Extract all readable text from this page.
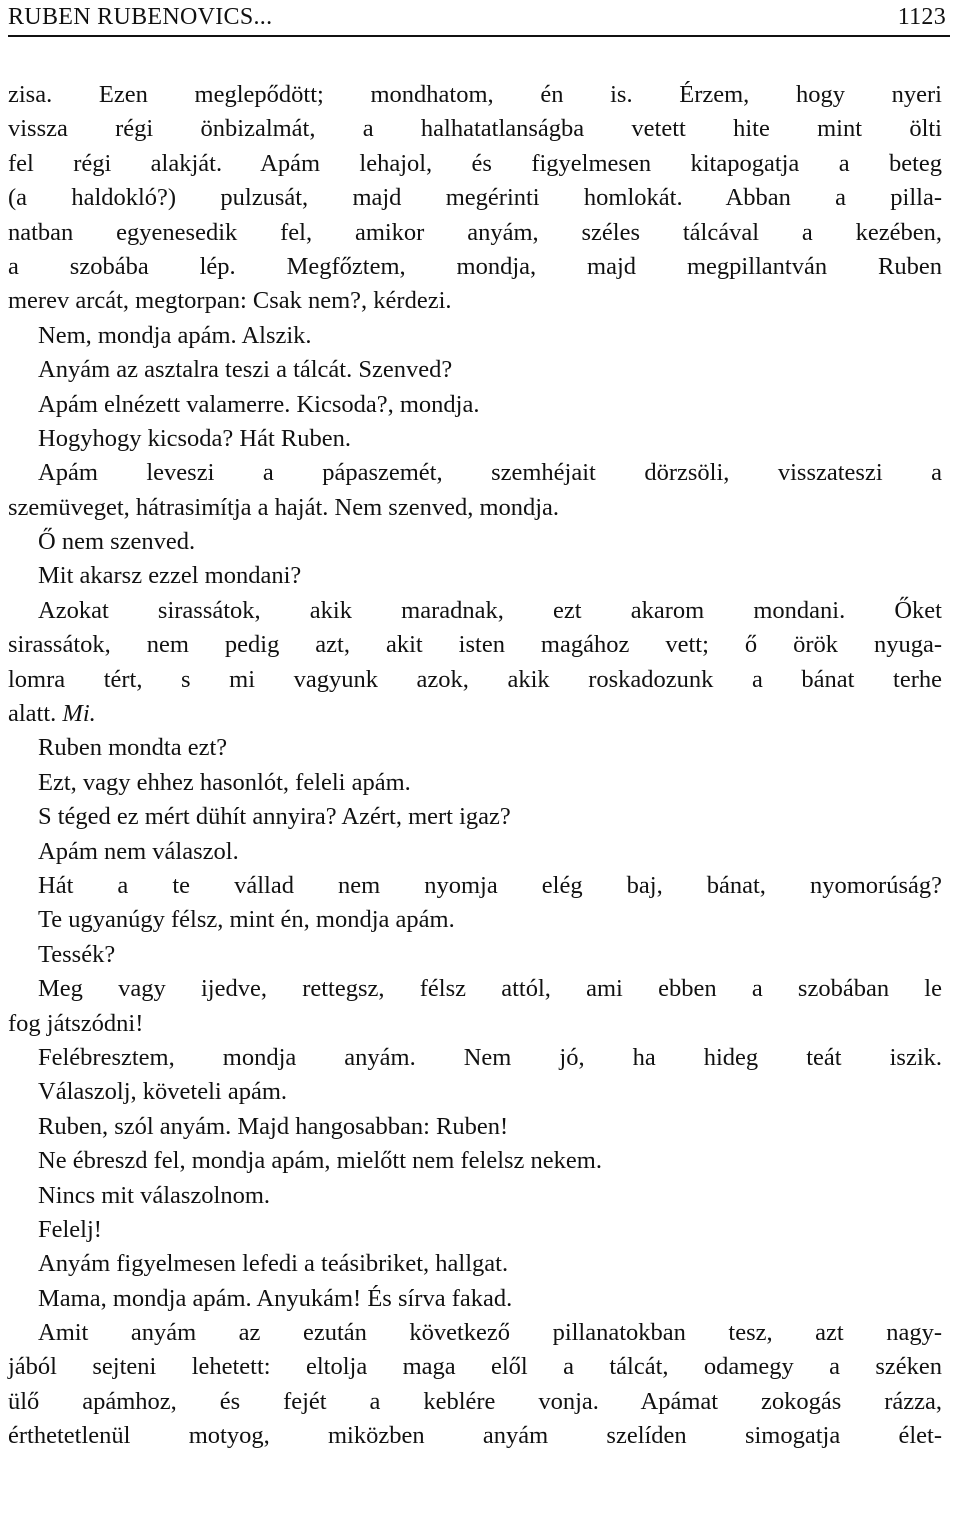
RUBEN RUBENOVICS...	1123
zisa. Ezen meglepődött; mondhatom, én is. Érzem, hogy nyeri
vissza régi önbizalmát, a halhatatlanságba vetett hite mint ölti
fel régi alakját. Apám lehajol, és figyelmesen kitapogatja a beteg
(a haldokló?) pulzusát, majd megérinti homlokát. Abban a pilla-
natban egyenesedik fel, amikor anyám, széles tálcával a kezében,
a szobába lép. Megfőztem, mondja, majd megpillantván Ruben
merev arcát, megtorpan: Csak nem?, kérdezi.
Nem, mondja apám. Alszik.
Anyám az asztalra teszi a tálcát. Szenved?
Apám elnézett valamerre. Kicsoda?, mondja.
Hogyhogy kicsoda? Hát Ruben.
Apám leveszi a pápaszemét, szemhéjait dörzsöli, visszateszi a
szemüveget, hátrasimítja a haját. Nem szenved, mondja.
Ő nem szenved.
Mit akarsz ezzel mondani?
Azokat sirassátok, akik maradnak, ezt akarom mondani. Őket
sirassátok, nem pedig azt, akit isten magához vett; ő örök nyuga-
lomra tért, s mi vagyunk azok, akik roskadozunk a bánat terhe
alatt. Mi.
Ruben mondta ezt?
Ezt, vagy ehhez hasonlót, feleli apám.
S téged ez mért dühít annyira? Azért, mert igaz?
Apám nem válaszol.
Hát a te vállad nem nyomja elég baj, bánat, nyomorúság?
Te ugyanúgy félsz, mint én, mondja apám.
Tessék?
Meg vagy ijedve, rettegsz, félsz attól, ami ebben a szobában le
fog játszódni!
Felébresztem, mondja anyám. Nem jó, ha hideg teát iszik.
Válaszolj, követeli apám.
Ruben, szól anyám. Majd hangosabban: Ruben!
Ne ébreszd fel, mondja apám, mielőtt nem felelsz nekem.
Nincs mit válaszolnom.
Felelj!
Anyám figyelmesen lefedi a teásibriket, hallgat.
Mama, mondja apám. Anyukám! És sírva fakad.
Amit anyám az ezután következő pillanatokban tesz, azt nagy-
jából sejteni lehetett: eltolja maga elől a tálcát, odamegy a széken
ülő apámhoz, és fejét a keblére vonja. Apámat zokogás rázza,
érthetetlenül motyog, miközben anyám szelíden simogatja élet-
